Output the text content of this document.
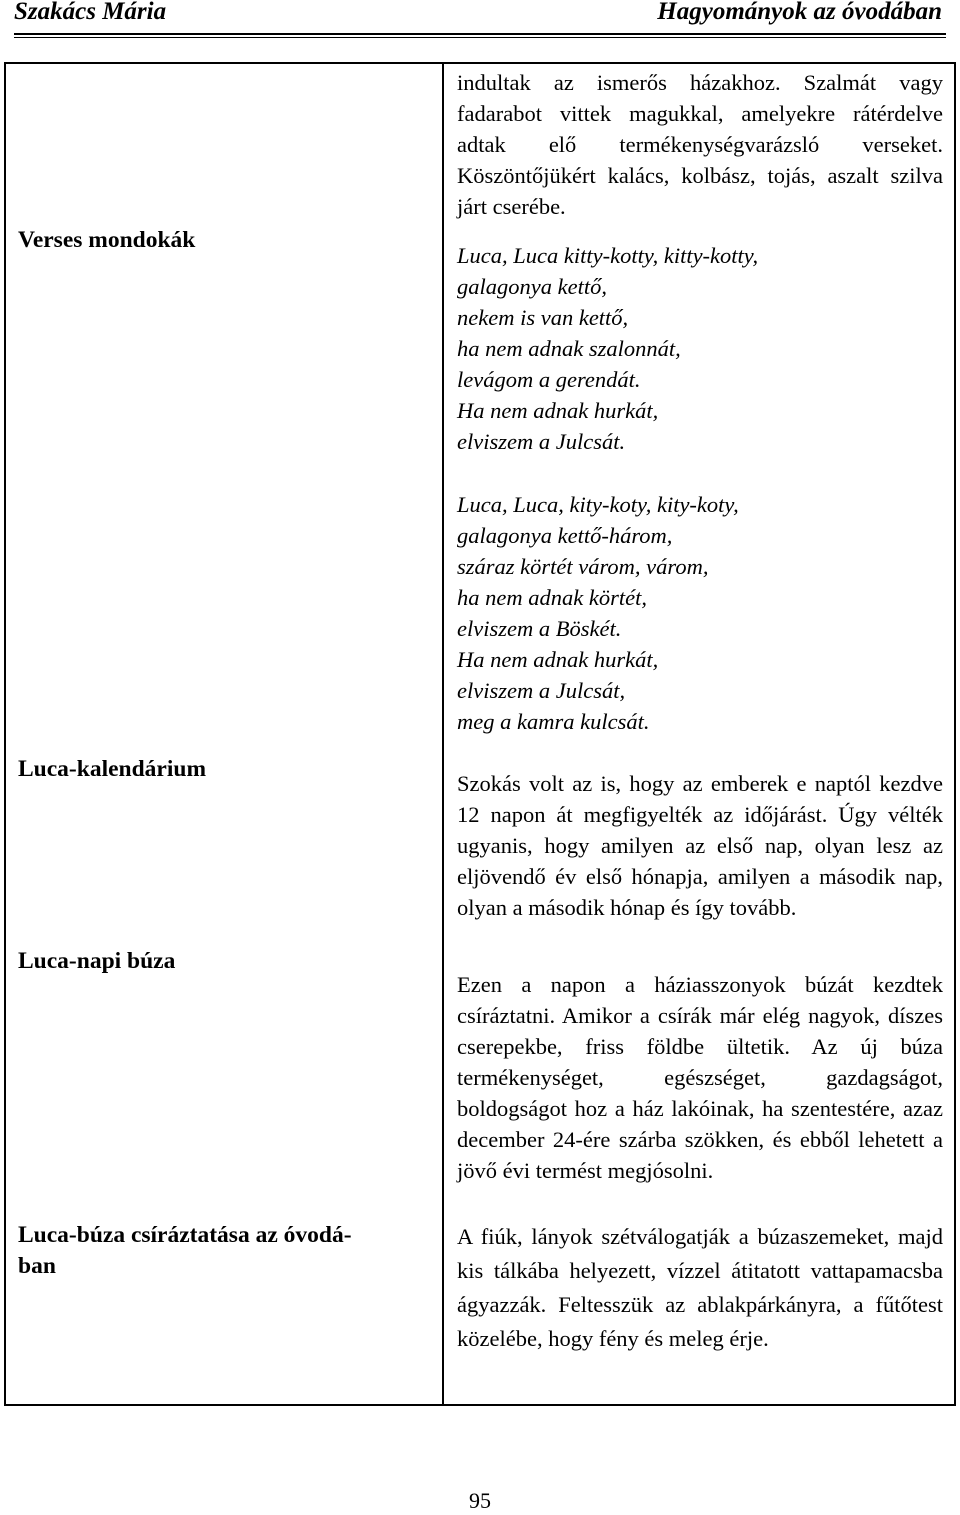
Szakács Mária	Hagyományok az óvodában
Verses mondokák
Luca-kalendárium
Luca-napi búza
Luca-búza csíráztatása az óvodá-
ban
indultak az ismerős házakhoz. Szalmát vagy fadarabot vittek magukkal, amelyekre rátérdelve adtak elő termékenységvarázsló verseket. Köszöntőjükért kalács, kolbász, tojás, aszalt szilva járt cserébe.
Luca, Luca kitty-kotty, kitty-kotty,
galagonya kettő,
nekem is van kettő,
ha nem adnak szalonnát,
levágom a gerendát.
Ha nem adnak hurkát,
elviszem a Julcsát.
Luca, Luca, kity-koty, kity-koty,
galagonya kettő-három,
száraz körtét várom, várom,
ha nem adnak körtét,
elviszem a Böskét.
Ha nem adnak hurkát,
elviszem a Julcsát,
meg a kamra kulcsát.
Szokás volt az is, hogy az emberek e naptól kezdve 12 napon át megfigyelték az időjárást. Úgy vélték ugyanis, hogy amilyen az első nap, olyan lesz az eljövendő év első hónapja, amilyen a második nap, olyan a második hónap és így tovább.
Ezen a napon a háziasszonyok búzát kezdtek csíráztatni. Amikor a csírák már elég nagyok, díszes cserepekbe, friss földbe ültetik. Az új búza termékenységet, egészséget, gazdagságot, boldogságot hoz a ház lakóinak, ha szentestére, azaz december 24-ére szárba szökken, és ebből lehetett a jövő évi termést megjósolni.
A fiúk, lányok szétválogatják a búzaszemeket, majd kis tálkába helyezett, vízzel átitatott vattapamacsba ágyazzák. Feltesszük az ablakpárkányra, a fűtőtest közelébe, hogy fény és meleg érje.
95
